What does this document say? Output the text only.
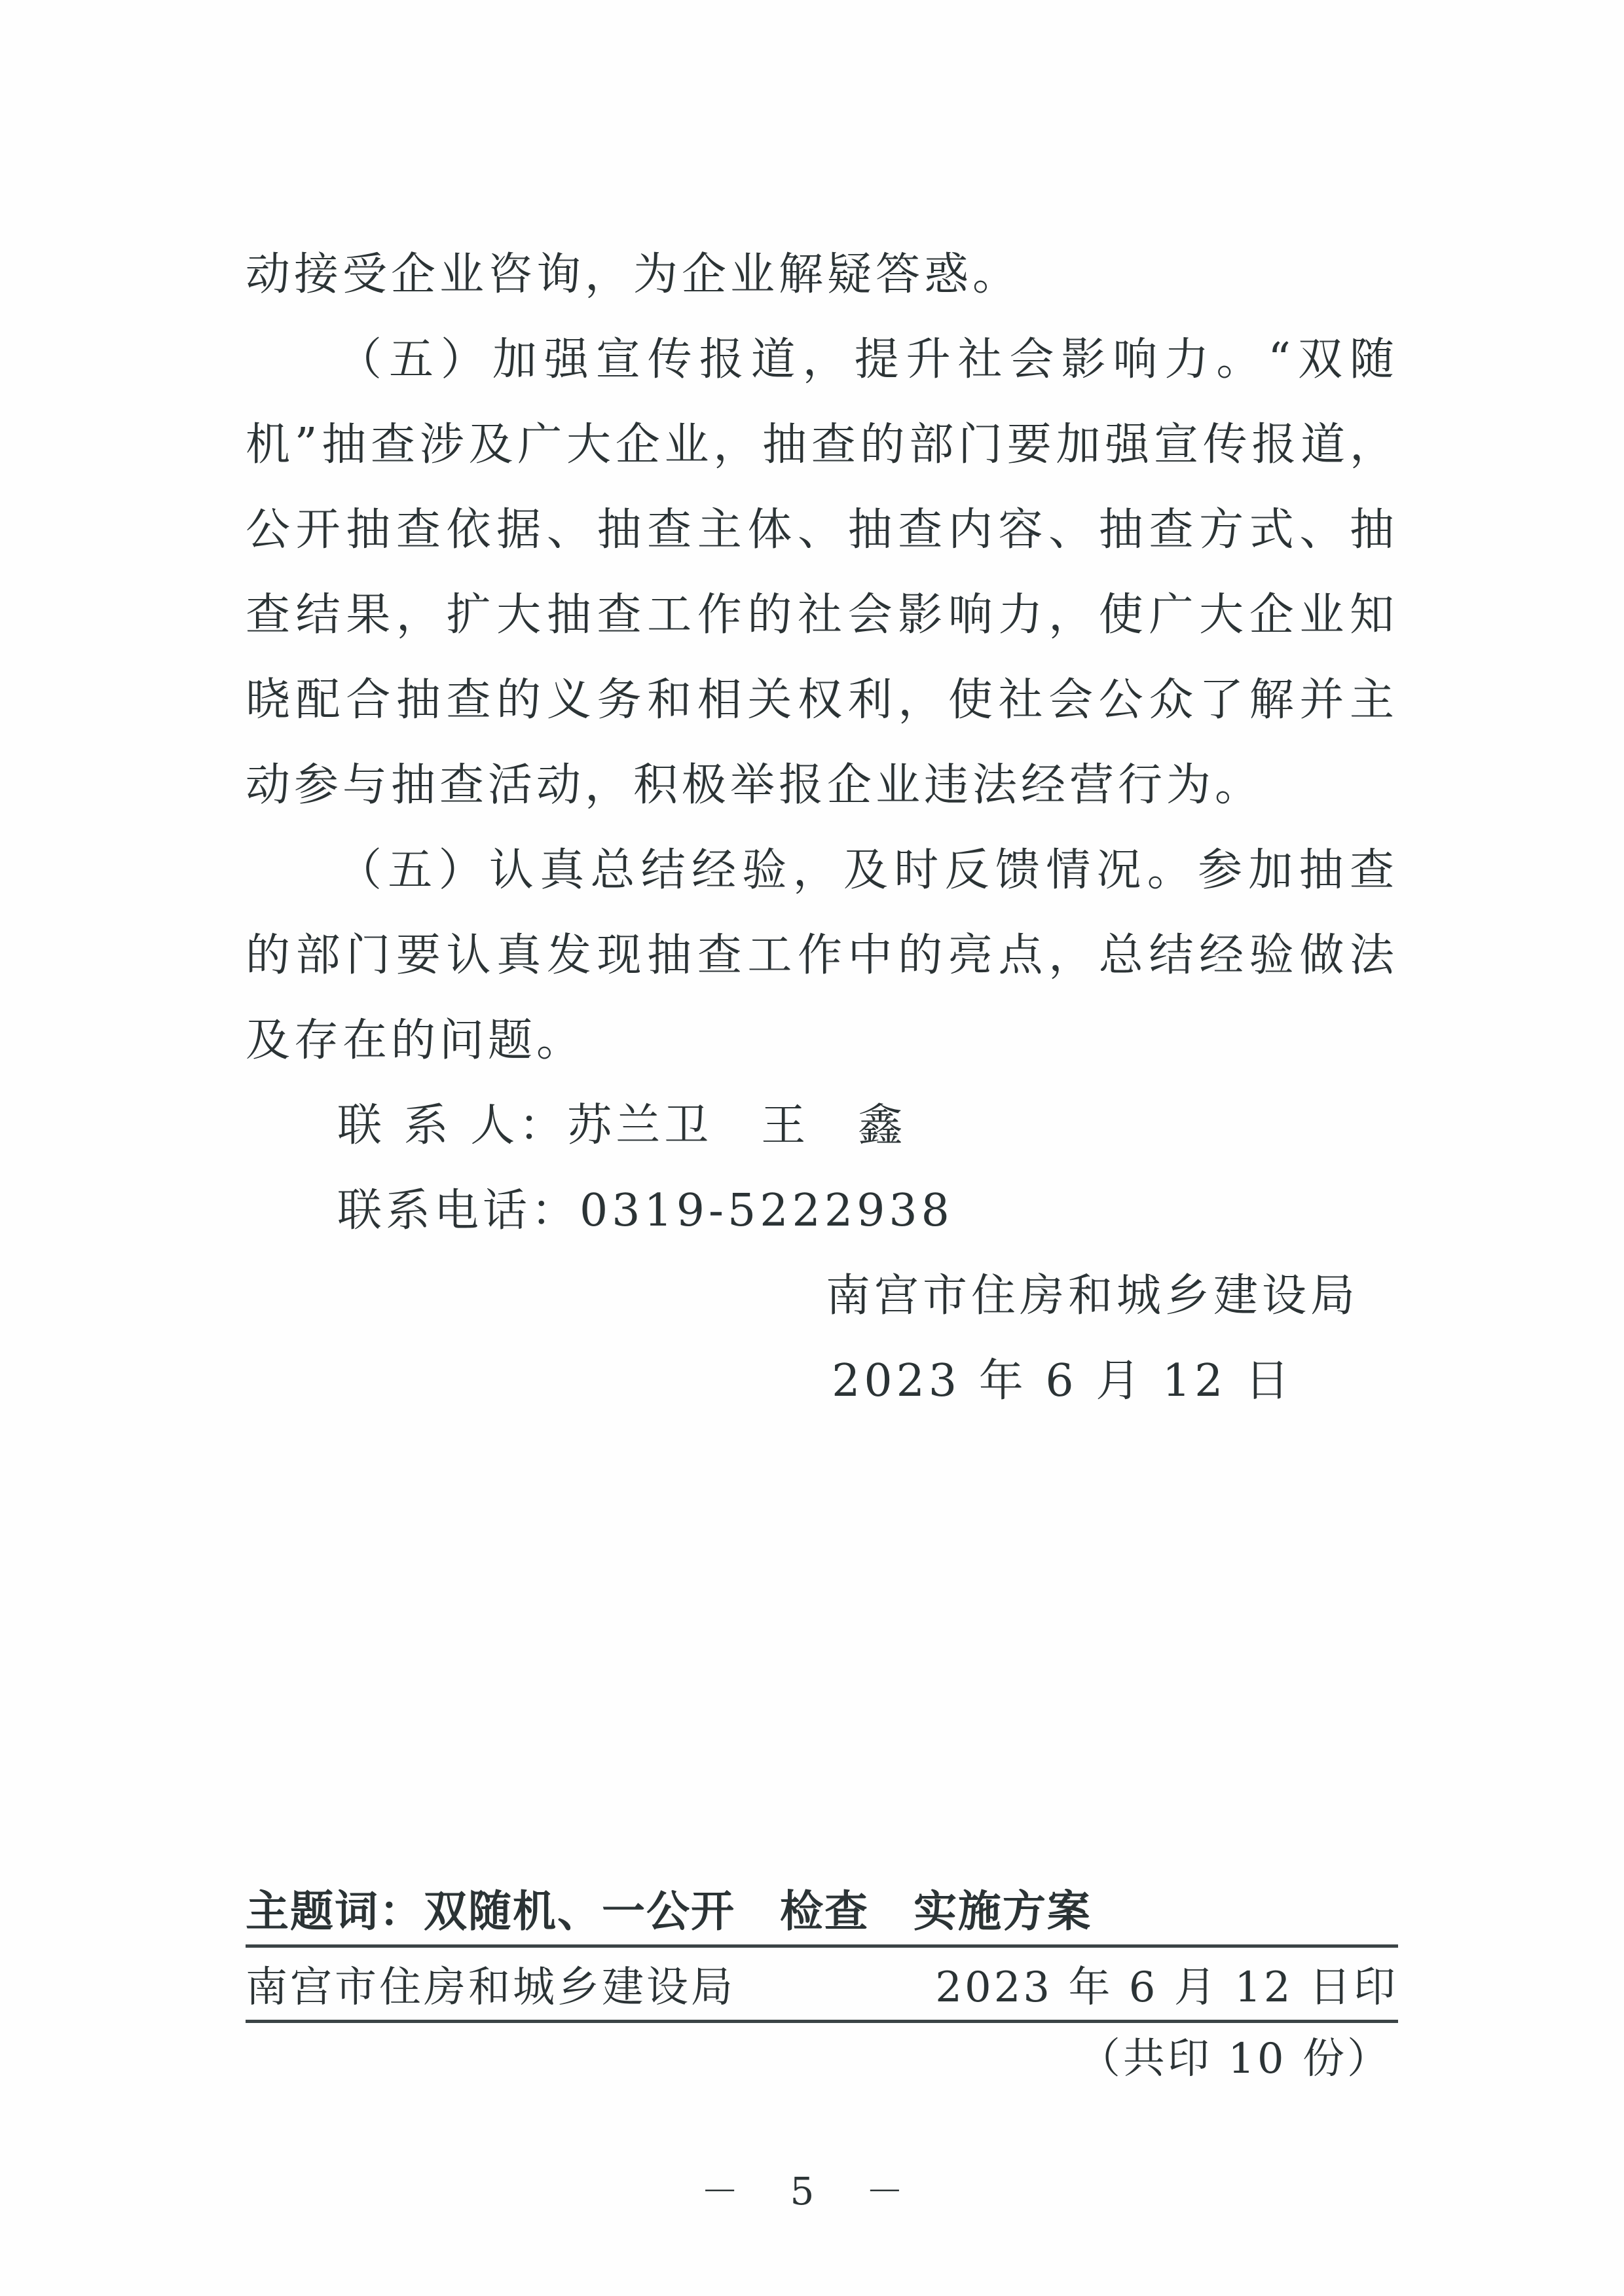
动接受企业咨询，为企业解疑答惑。

（五）加强宣传报道，提升社会影响力。“双随机”抽查涉及广大企业，抽查的部门要加强宣传报道，公开抽查依据、抽查主体、抽查内容、抽查方式、抽查结果，扩大抽查工作的社会影响力，使广大企业知晓配合抽查的义务和相关权利，使社会公众了解并主动参与抽查活动，积极举报企业违法经营行为。

（五）认真总结经验，及时反馈情况。参加抽查的部门要认真发现抽查工作中的亮点，总结经验做法及存在的问题。

联 系 人：苏兰卫　王　鑫

联系电话：0319-5222938

南宫市住房和城乡建设局
2023 年 6 月 12 日
主题词：双随机、一公开　检查　实施方案
南宫市住房和城乡建设局	2023 年 6 月 12 日印
（共印 10 份）
－ 5 －
